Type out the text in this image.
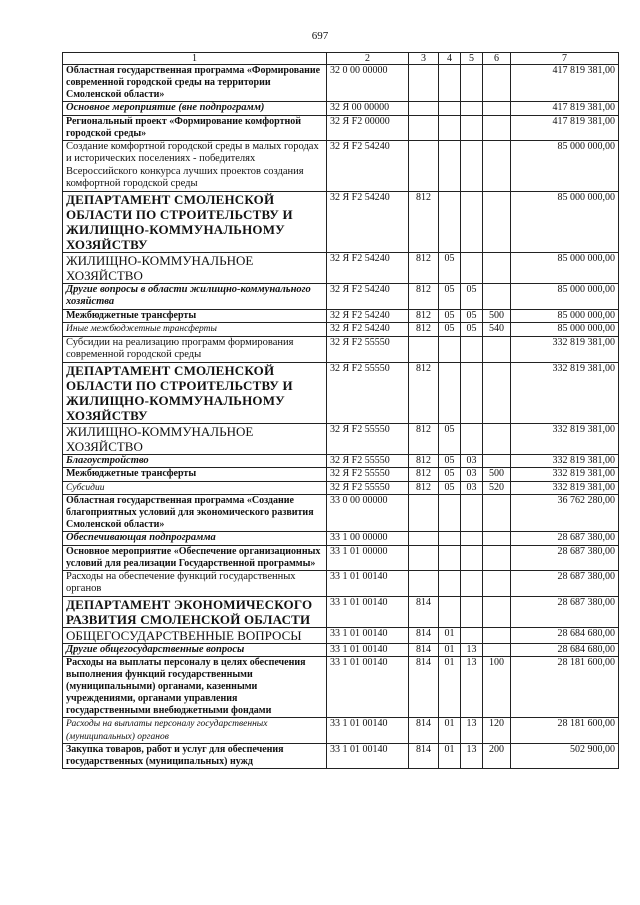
697
1	2	3	4	5	6	7
Областная государственная программа «Формирование современной городской среды на территории Смоленской области»	32 0 00 00000					417 819 381,00
Основное мероприятие (вне подпрограмм)	32 Я 00 00000					417 819 381,00
Региональный проект «Формирование комфортной городской среды»	32 Я F2 00000					417 819 381,00
Создание комфортной городской среды в малых городах и исторических поселениях - победителях Всероссийского конкурса лучших проектов создания комфортной городской среды	32 Я F2 54240					85 000 000,00
ДЕПАРТАМЕНТ СМОЛЕНСКОЙ ОБЛАСТИ ПО СТРОИТЕЛЬСТВУ И ЖИЛИЩНО-КОММУНАЛЬНОМУ ХОЗЯЙСТВУ	32 Я F2 54240	812				85 000 000,00
ЖИЛИЩНО-КОММУНАЛЬНОЕ ХОЗЯЙСТВО	32 Я F2 54240	812	05			85 000 000,00
Другие вопросы в области жилищно-коммунального хозяйства	32 Я F2 54240	812	05	05		85 000 000,00
Межбюджетные трансферты	32 Я F2 54240	812	05	05	500	85 000 000,00
Иные межбюджетные трансферты	32 Я F2 54240	812	05	05	540	85 000 000,00
Субсидии на реализацию программ формирования современной городской среды	32 Я F2 55550					332 819 381,00
ДЕПАРТАМЕНТ СМОЛЕНСКОЙ ОБЛАСТИ ПО СТРОИТЕЛЬСТВУ И ЖИЛИЩНО-КОММУНАЛЬНОМУ ХОЗЯЙСТВУ	32 Я F2 55550	812				332 819 381,00
ЖИЛИЩНО-КОММУНАЛЬНОЕ ХОЗЯЙСТВО	32 Я F2 55550	812	05			332 819 381,00
Благоустройство	32 Я F2 55550	812	05	03		332 819 381,00
Межбюджетные трансферты	32 Я F2 55550	812	05	03	500	332 819 381,00
Субсидии	32 Я F2 55550	812	05	03	520	332 819 381,00
Областная государственная программа «Создание благоприятных условий для экономического развития Смоленской области»	33 0 00 00000					36 762 280,00
Обеспечивающая подпрограмма	33 1 00 00000					28 687 380,00
Основное мероприятие «Обеспечение организационных условий для реализации Государственной программы»	33 1 01 00000					28 687 380,00
Расходы на обеспечение функций государственных органов	33 1 01 00140					28 687 380,00
ДЕПАРТАМЕНТ ЭКОНОМИЧЕСКОГО РАЗВИТИЯ СМОЛЕНСКОЙ ОБЛАСТИ	33 1 01 00140	814				28 687 380,00
ОБЩЕГОСУДАРСТВЕННЫЕ ВОПРОСЫ	33 1 01 00140	814	01			28 684 680,00
Другие общегосударственные вопросы	33 1 01 00140	814	01	13		28 684 680,00
Расходы на выплаты персоналу в целях обеспечения выполнения функций государственными (муниципальными) органами, казенными учреждениями, органами управления государственными внебюджетными фондами	33 1 01 00140	814	01	13	100	28 181 600,00
Расходы на выплаты персоналу государственных (муниципальных) органов	33 1 01 00140	814	01	13	120	28 181 600,00
Закупка товаров, работ и услуг для обеспечения государственных (муниципальных) нужд	33 1 01 00140	814	01	13	200	502 900,00
